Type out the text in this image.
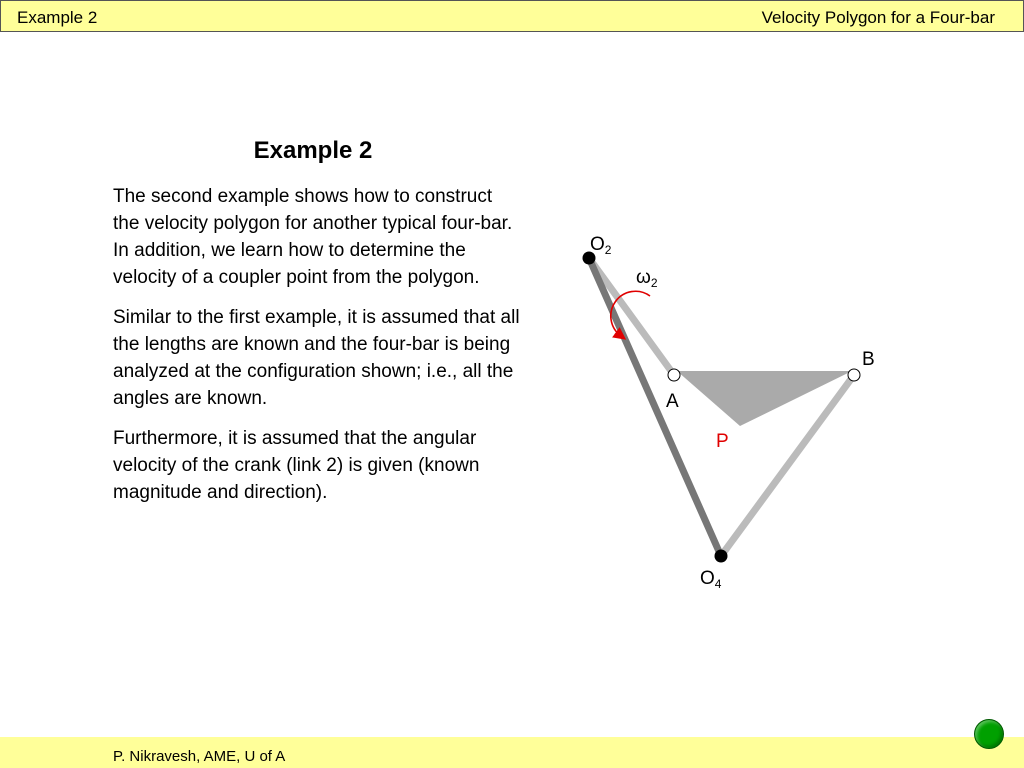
Example 2	Velocity Polygon for a Four-bar
Example 2

The second example shows how to construct the velocity polygon for another typical four-bar. In addition, we learn how to determine the velocity of a coupler point from the polygon.

Similar to the first example, it is assumed that all the lengths are known and the four-bar is being analyzed at the configuration shown; i.e., all the angles are known.

Furthermore, it is assumed that the angular velocity of the crank (link 2) is given (known magnitude and direction).

$O_2$
$\omega_2$
B
A
P
$O_4$
P. Nikravesh, AME, U of A
